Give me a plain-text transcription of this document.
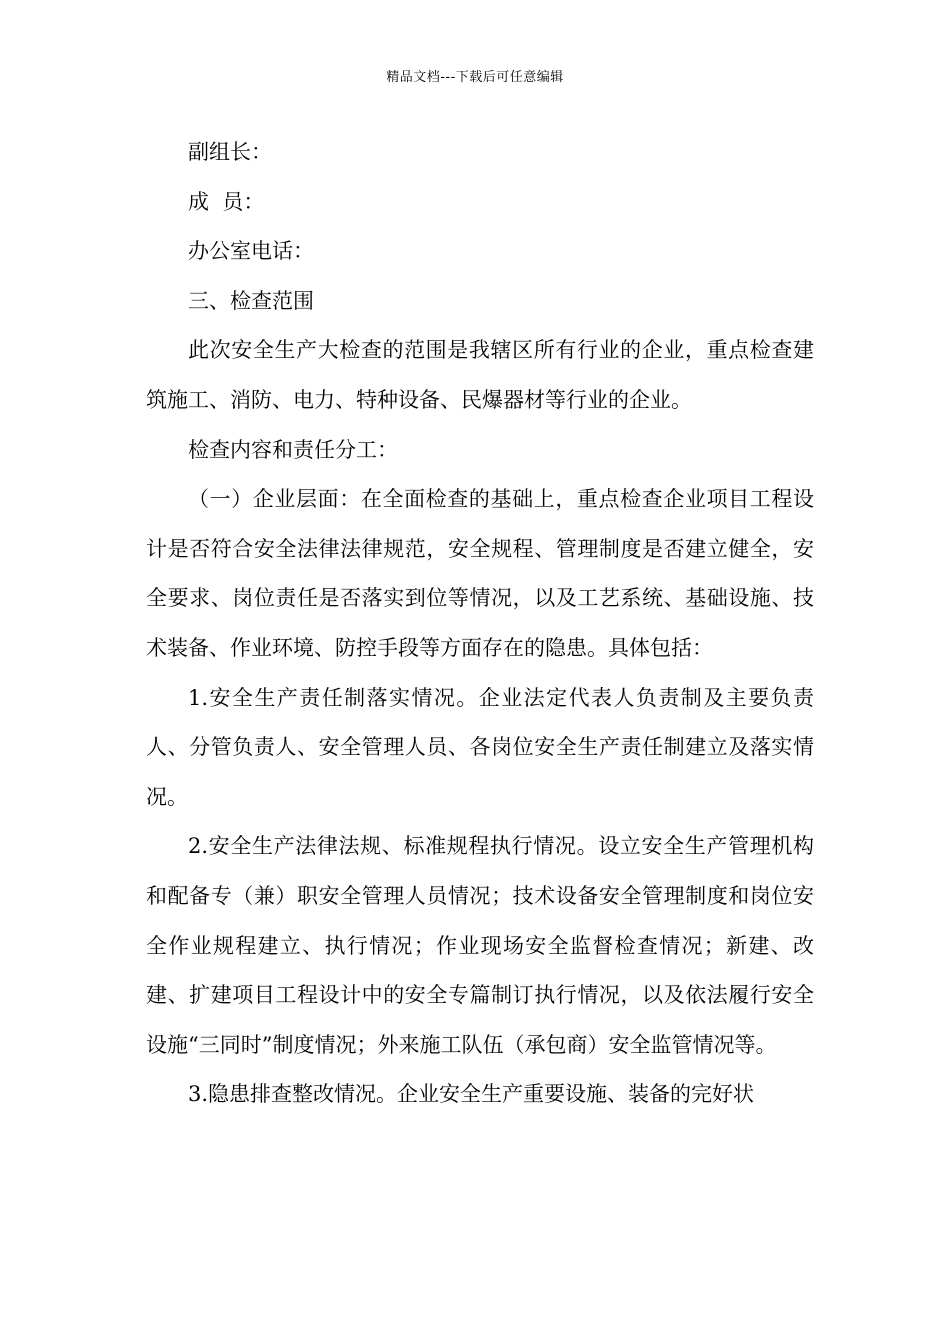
精品文档---下载后可任意编辑

副组长：

成  员：

办公室电话：

三、检查范围

此次安全生产大检查的范围是我辖区所有行业的企业，重点检查建筑施工、消防、电力、特种设备、民爆器材等行业的企业。

检查内容和责任分工：

（一）企业层面：在全面检查的基础上，重点检查企业项目工程设计是否符合安全法律法律规范，安全规程、管理制度是否建立健全，安全要求、岗位责任是否落实到位等情况，以及工艺系统、基础设施、技术装备、作业环境、防控手段等方面存在的隐患。具体包括：

1.安全生产责任制落实情况。企业法定代表人负责制及主要负责人、分管负责人、安全管理人员、各岗位安全生产责任制建立及落实情况。

2.安全生产法律法规、标准规程执行情况。设立安全生产管理机构和配备专（兼）职安全管理人员情况；技术设备安全管理制度和岗位安全作业规程建立、执行情况；作业现场安全监督检查情况；新建、改建、扩建项目工程设计中的安全专篇制订执行情况，以及依法履行安全设施“三同时”制度情况；外来施工队伍（承包商）安全监管情况等。

3.隐患排查整改情况。企业安全生产重要设施、装备的完好状
